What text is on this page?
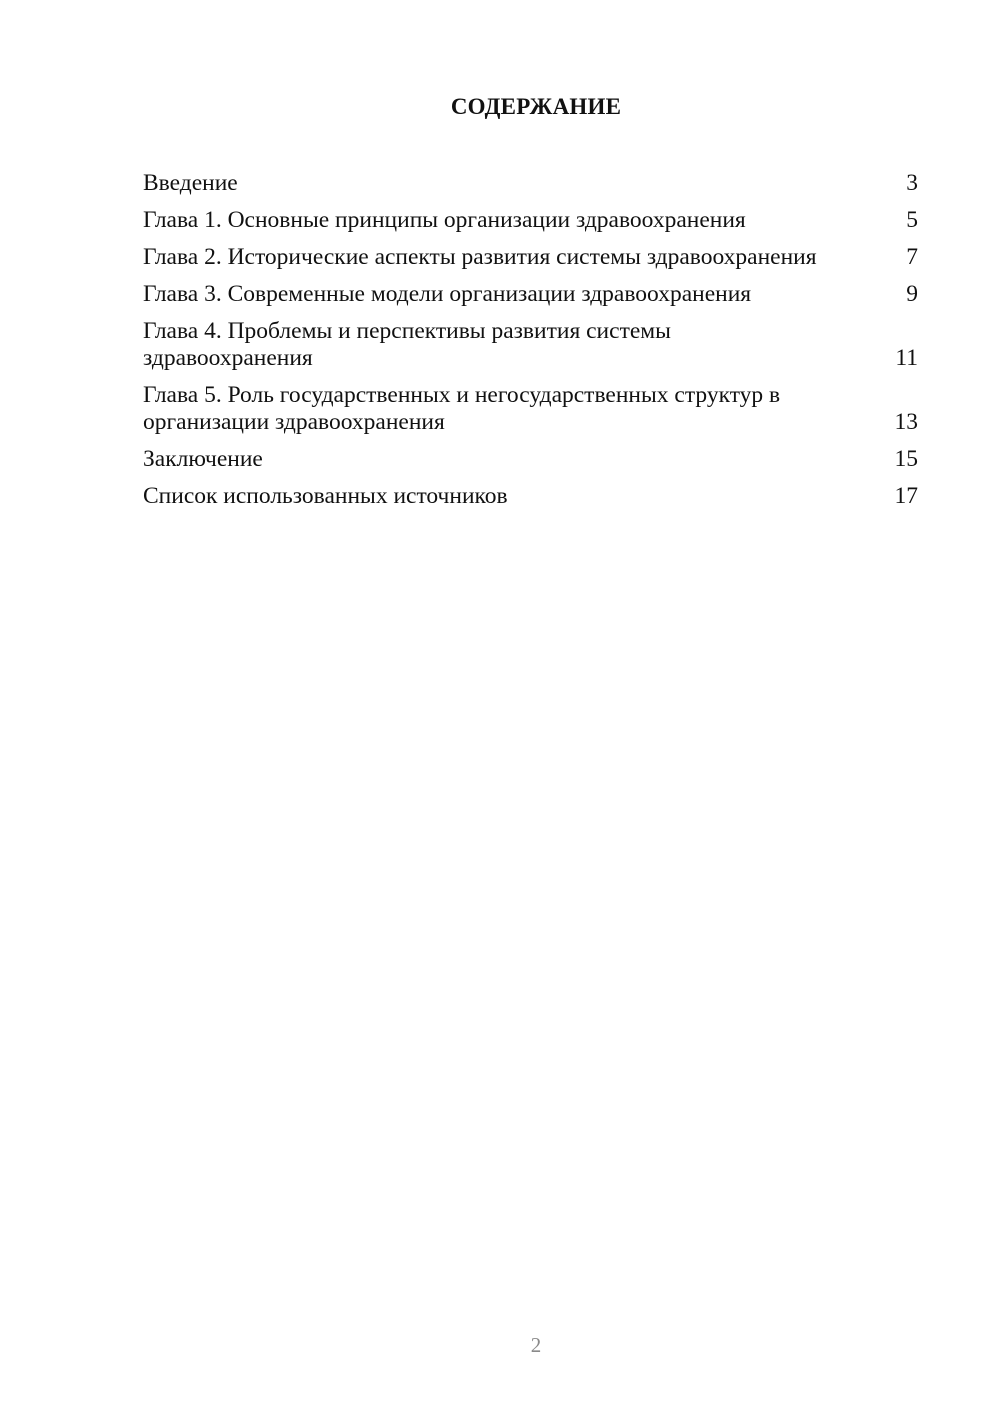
СОДЕРЖАНИЕ
Введение	3
Глава 1. Основные принципы организации здравоохранения	5
Глава 2. Исторические аспекты развития системы здравоохранения	7
Глава 3. Современные модели организации здравоохранения	9
Глава 4. Проблемы и перспективы развития системы здравоохранения	11
Глава 5. Роль государственных и негосударственных структур в организации здравоохранения	13
Заключение	15
Список использованных источников	17
2
